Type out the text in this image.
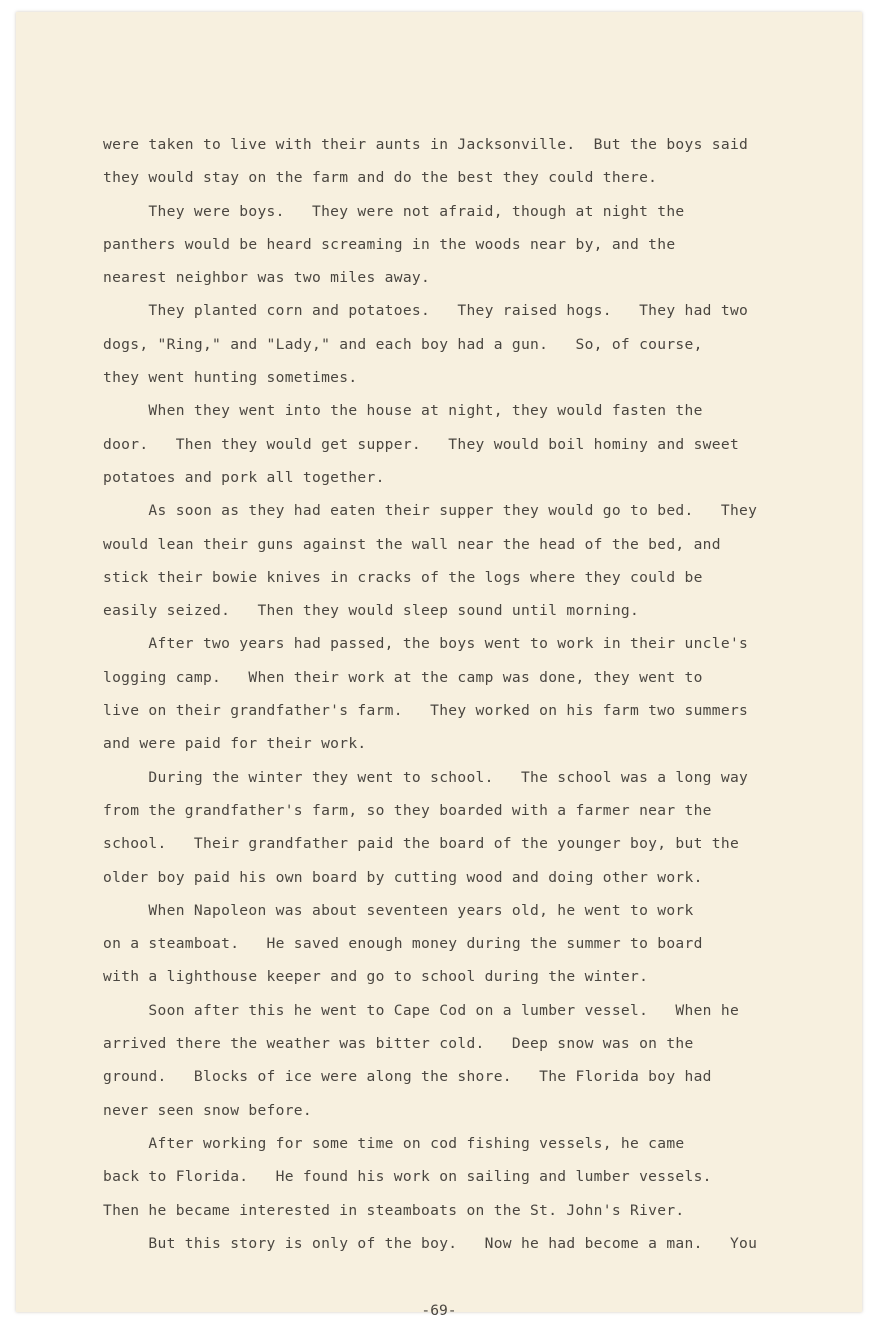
were taken to live with their aunts in Jacksonville.  But the boys said
they would stay on the farm and do the best they could there.
They were boys.   They were not afraid, though at night the
panthers would be heard screaming in the woods near by, and the
nearest neighbor was two miles away.
They planted corn and potatoes.   They raised hogs.   They had two
dogs, "Ring," and "Lady," and each boy had a gun.   So, of course,
they went hunting sometimes.
When they went into the house at night, they would fasten the
door.   Then they would get supper.   They would boil hominy and sweet
potatoes and pork all together.
As soon as they had eaten their supper they would go to bed.   They
would lean their guns against the wall near the head of the bed, and
stick their bowie knives in cracks of the logs where they could be
easily seized.   Then they would sleep sound until morning.
After two years had passed, the boys went to work in their uncle's
logging camp.   When their work at the camp was done, they went to
live on their grandfather's farm.   They worked on his farm two summers
and were paid for their work.
During the winter they went to school.   The school was a long way
from the grandfather's farm, so they boarded with a farmer near the
school.   Their grandfather paid the board of the younger boy, but the
older boy paid his own board by cutting wood and doing other work.
When Napoleon was about seventeen years old, he went to work
on a steamboat.   He saved enough money during the summer to board
with a lighthouse keeper and go to school during the winter.
Soon after this he went to Cape Cod on a lumber vessel.   When he
arrived there the weather was bitter cold.   Deep snow was on the
ground.   Blocks of ice were along the shore.   The Florida boy had
never seen snow before.
After working for some time on cod fishing vessels, he came
back to Florida.   He found his work on sailing and lumber vessels.
Then he became interested in steamboats on the St. John's River.
But this story is only of the boy.   Now he had become a man.   You
-69-
